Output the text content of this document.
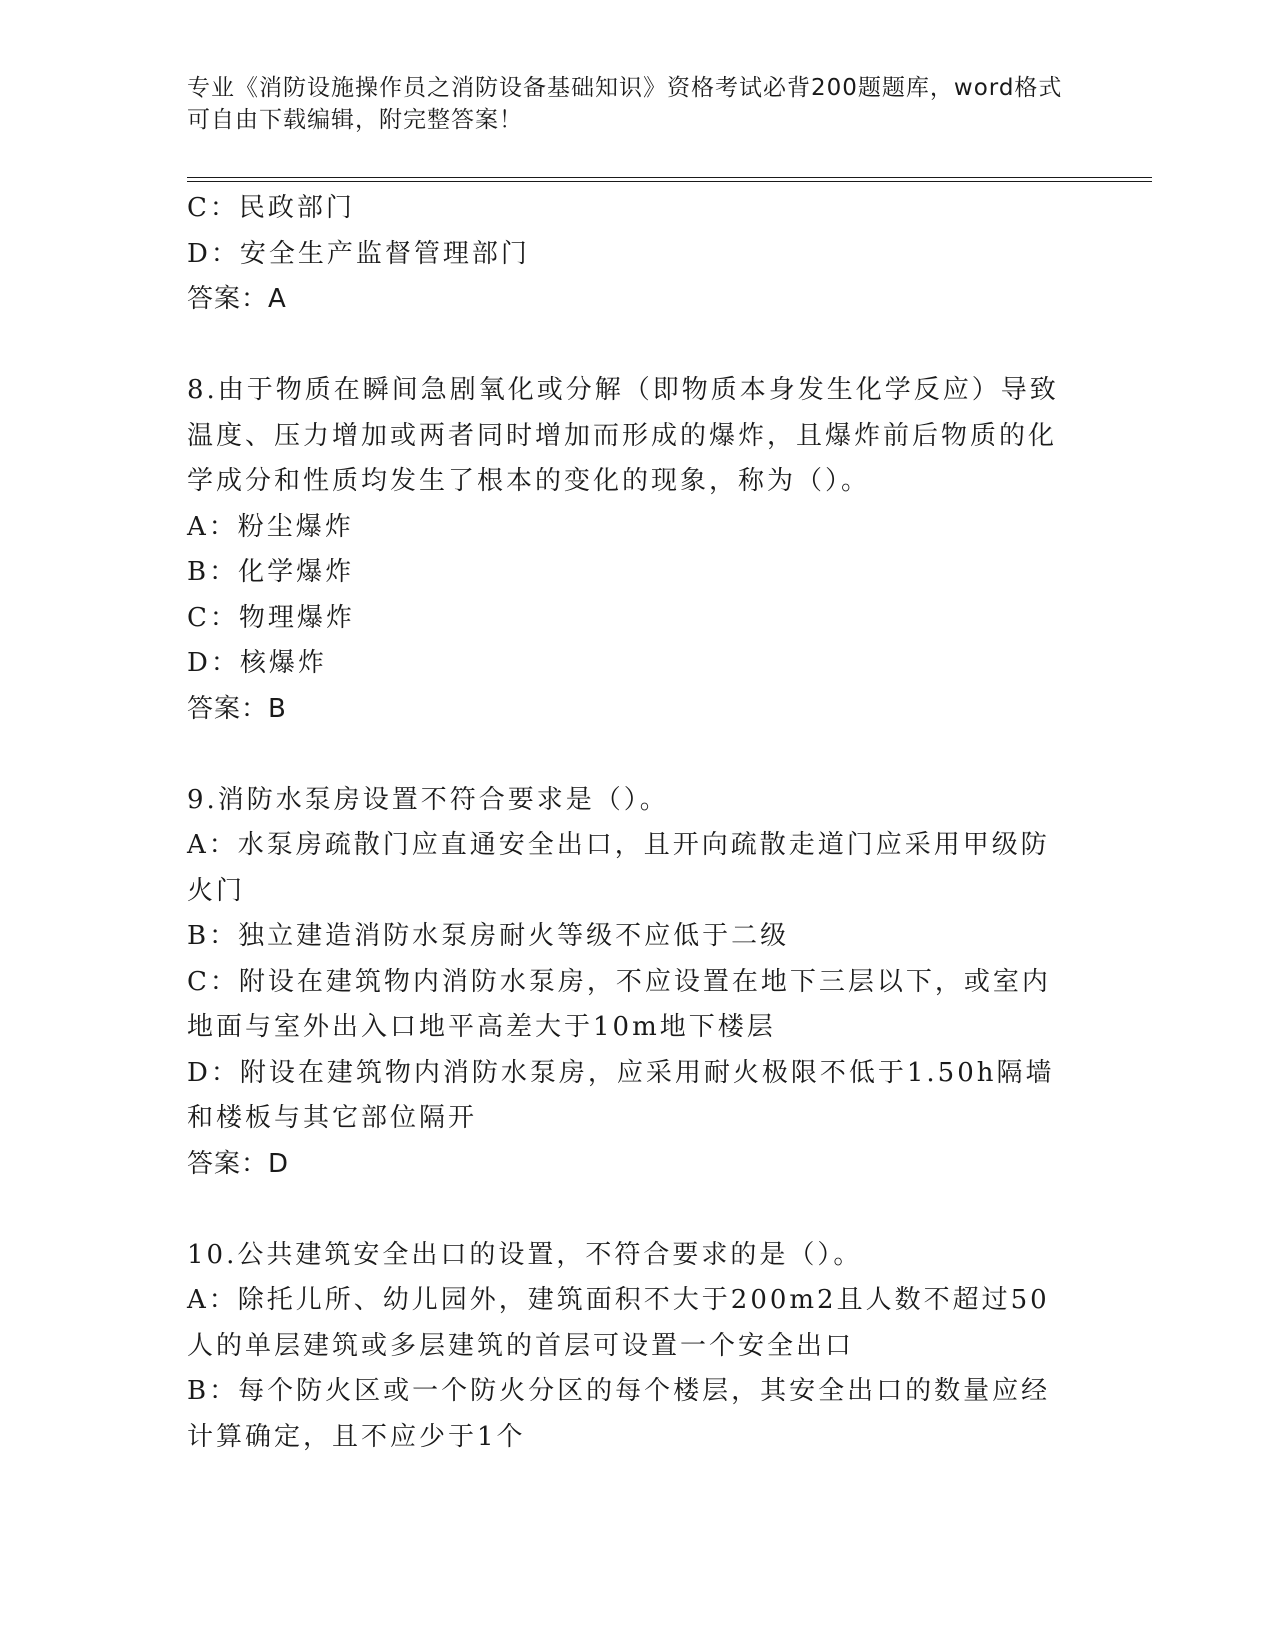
专业《消防设施操作员之消防设备基础知识》资格考试必背200题题库，word格式可自由下载编辑，附完整答案！

C：民政部门

D：安全生产监督管理部门

答案：A

8.由于物质在瞬间急剧氧化或分解（即物质本身发生化学反应）导致温度、压力增加或两者同时增加而形成的爆炸，且爆炸前后物质的化学成分和性质均发生了根本的变化的现象，称为（）。

A：粉尘爆炸

B：化学爆炸

C：物理爆炸

D：核爆炸

答案：B

9.消防水泵房设置不符合要求是（）。

A：水泵房疏散门应直通安全出口，且开向疏散走道门应采用甲级防火门

B：独立建造消防水泵房耐火等级不应低于二级

C：附设在建筑物内消防水泵房，不应设置在地下三层以下，或室内地面与室外出入口地平高差大于10m地下楼层

D：附设在建筑物内消防水泵房，应采用耐火极限不低于1.50h隔墙和楼板与其它部位隔开

答案：D

10.公共建筑安全出口的设置，不符合要求的是（）。

A：除托儿所、幼儿园外，建筑面积不大于200m2且人数不超过50人的单层建筑或多层建筑的首层可设置一个安全出口

B：每个防火区或一个防火分区的每个楼层，其安全出口的数量应经计算确定，且不应少于1个
